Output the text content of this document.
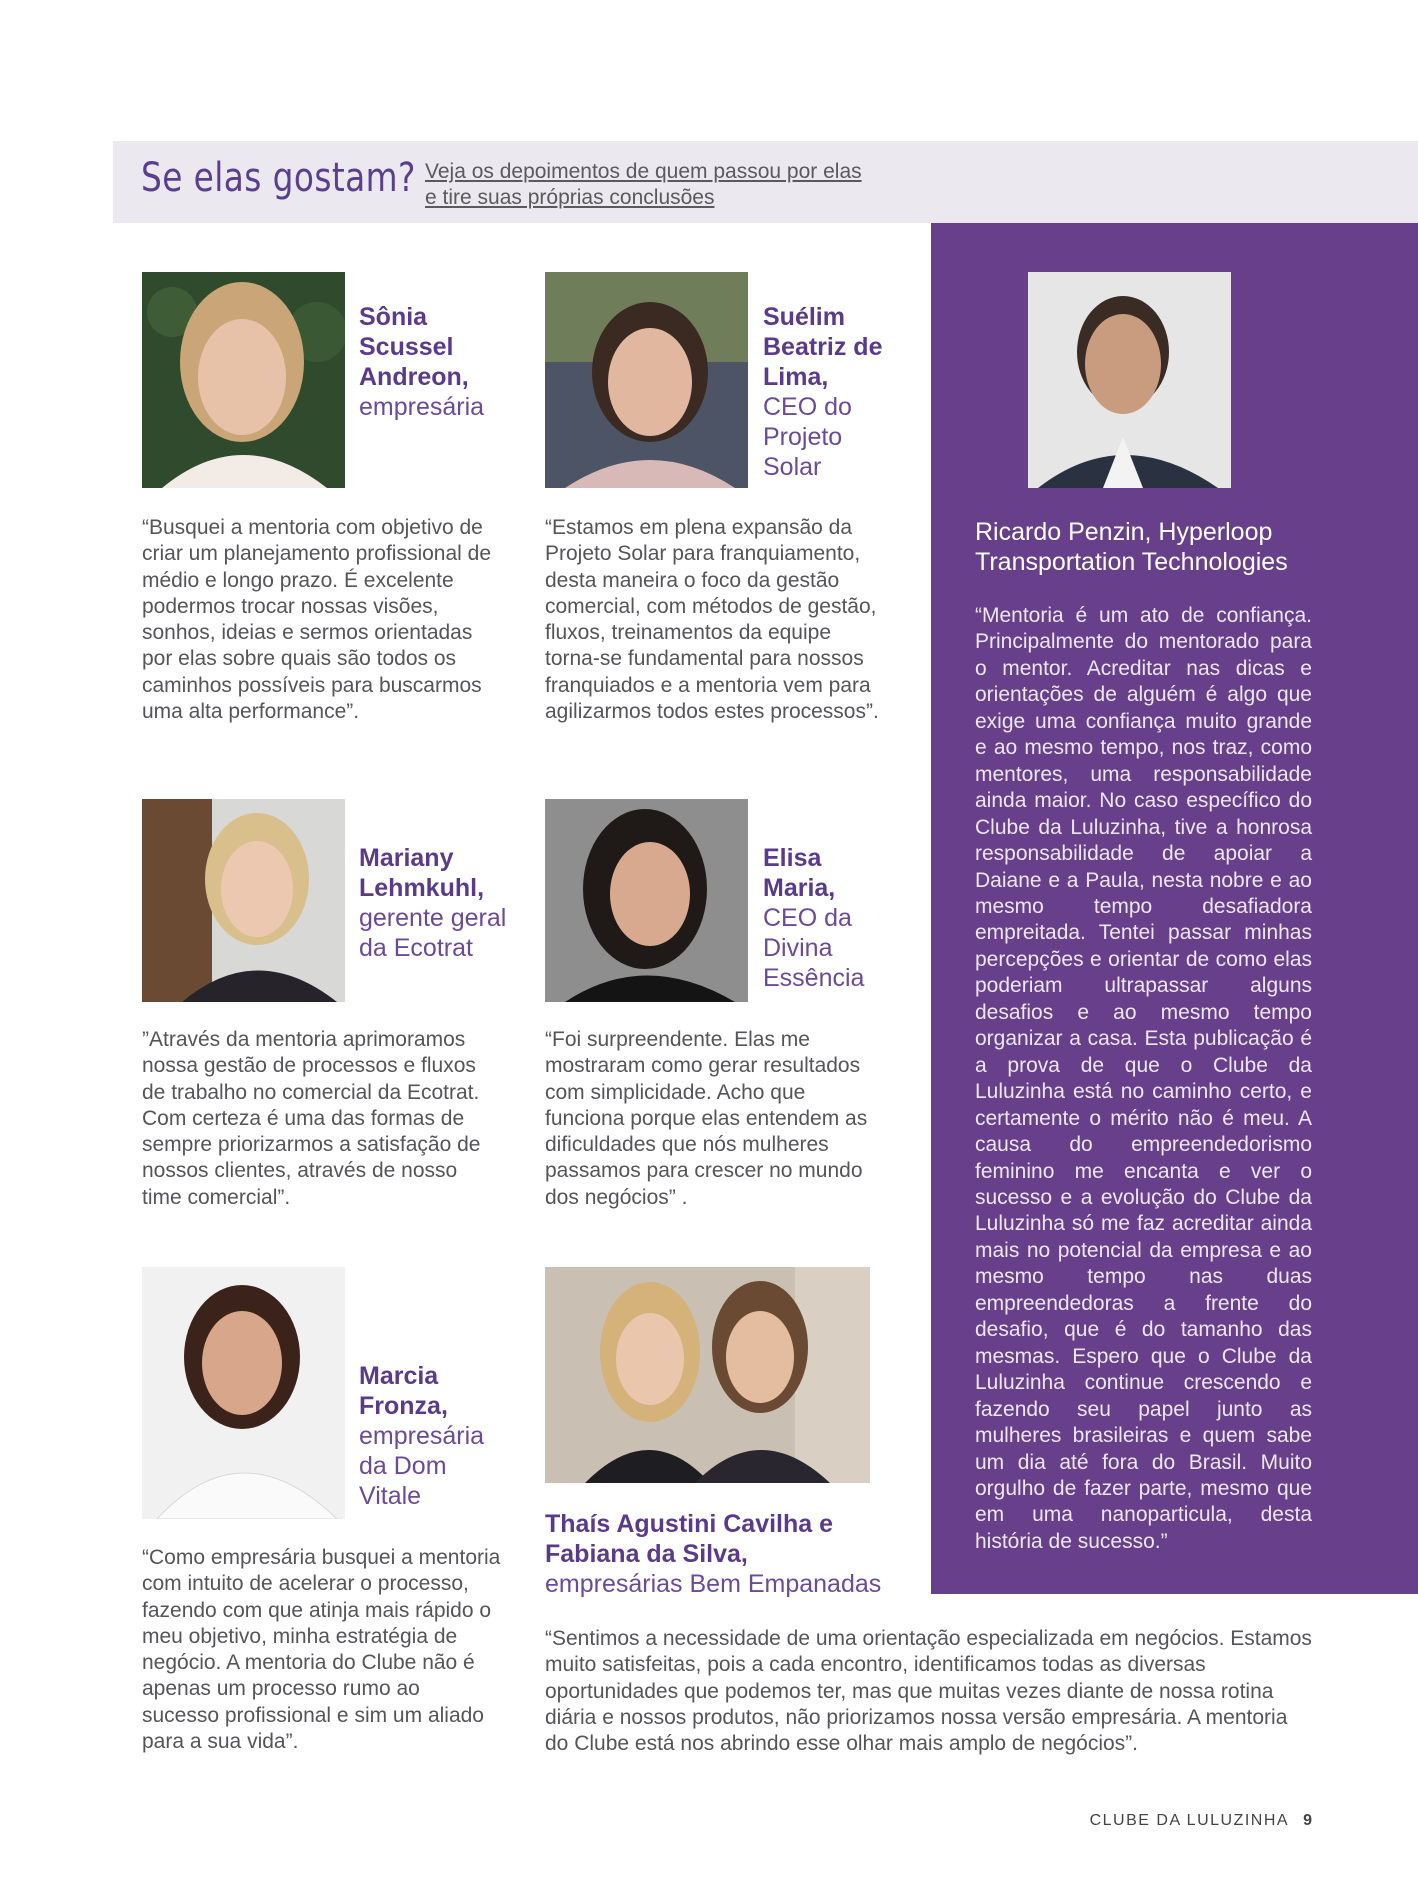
Se elas gostam? Veja os depoimentos de quem passou por elas e tire suas próprias conclusões
Sônia Scussel Andreon,
empresária

“Busquei a mentoria com objetivo de criar um planejamento profissional de médio e longo prazo. É excelente podermos trocar nossas visões, sonhos, ideias e sermos orientadas por elas sobre quais são todos os caminhos possíveis para buscarmos uma alta performance”.

Suélim Beatriz de Lima,
CEO do Projeto Solar

“Estamos em plena expansão da Projeto Solar para franquiamento, desta maneira o foco da gestão comercial, com métodos de gestão, fluxos, treinamentos da equipe torna-se fundamental para nossos franquiados e a mentoria vem para agilizarmos todos estes processos”.

Mariany Lehmkuhl,
gerente geral da Ecotrat

”Através da mentoria aprimoramos nossa gestão de processos e fluxos de trabalho no comercial da Ecotrat. Com certeza é uma das formas de sempre priorizarmos a satisfação de nossos clientes, através de nosso time comercial”.

Elisa Maria,
CEO da Divina Essência

“Foi surpreendente. Elas me mostraram como gerar resultados com simplicidade. Acho que funciona porque elas entendem as dificuldades que nós mulheres passamos para crescer no mundo dos negócios” .

Marcia Fronza,
empresária da Dom Vitale

“Como empresária busquei a mentoria com intuito de acelerar o processo, fazendo com que atinja mais rápido o meu objetivo, minha estratégia de negócio. A mentoria do Clube não é apenas um processo rumo ao sucesso profissional e sim um aliado para a sua vida”.

Thaís Agustini Cavilha e Fabiana da Silva,
empresárias Bem Empanadas

“Sentimos a necessidade de uma orientação especializada em negócios. Estamos muito satisfeitas, pois a cada encontro, identificamos todas as diversas oportunidades que podemos ter, mas que muitas vezes diante de nossa rotina diária e nossos produtos, não priorizamos nossa versão empresária. A mentoria do Clube está nos abrindo esse olhar mais amplo de negócios”.

Ricardo Penzin, Hyperloop
Transportation Technologies

“Mentoria é um ato de confiança. Principalmente do mentorado para o mentor. Acreditar nas dicas e orientações de alguém é algo que exige uma confiança muito grande e ao mesmo tempo, nos traz, como mentores, uma responsabilidade ainda maior. No caso específico do Clube da Luluzinha, tive a honrosa responsabilidade de apoiar a Daiane e a Paula, nesta nobre e ao mesmo tempo desafiadora empreitada. Tentei passar minhas percepções e orientar de como elas poderiam ultrapassar alguns desafios e ao mesmo tempo organizar a casa. Esta publicação é a prova de que o Clube da Luluzinha está no caminho certo, e certamente o mérito não é meu. A causa do empreendedorismo feminino me encanta e ver o sucesso e a evolução do Clube da Luluzinha só me faz acreditar ainda mais no potencial da empresa e ao mesmo tempo nas duas empreendedoras a frente do desafio, que é do tamanho das mesmas. Espero que o Clube da Luluzinha continue crescendo e fazendo seu papel junto as mulheres brasileiras e quem sabe um dia até fora do Brasil. Muito orgulho de fazer parte, mesmo que em uma nanoparticula, desta história de sucesso.”

CLUBE DA LULUZINHA 9
